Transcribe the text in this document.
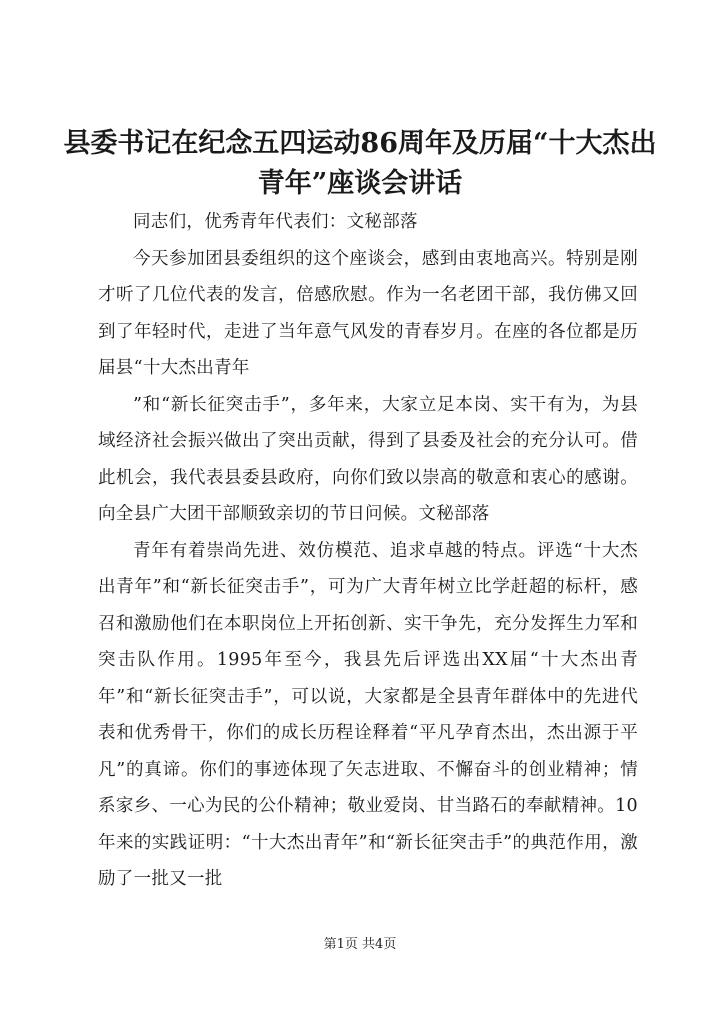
县委书记在纪念五四运动86周年及历届“十大杰出青年”座谈会讲话

同志们，优秀青年代表们：文秘部落

今天参加团县委组织的这个座谈会，感到由衷地高兴。特别是刚才听了几位代表的发言，倍感欣慰。作为一名老团干部，我仿佛又回到了年轻时代，走进了当年意气风发的青春岁月。在座的各位都是历届县“十大杰出青年

”和“新长征突击手”，多年来，大家立足本岗、实干有为，为县域经济社会振兴做出了突出贡献，得到了县委及社会的充分认可。借此机会，我代表县委县政府，向你们致以崇高的敬意和衷心的感谢。向全县广大团干部顺致亲切的节日问候。文秘部落

青年有着崇尚先进、效仿模范、追求卓越的特点。评选“十大杰出青年”和“新长征突击手”，可为广大青年树立比学赶超的标杆，感召和激励他们在本职岗位上开拓创新、实干争先，充分发挥生力军和突击队作用。1995年至今，我县先后评选出XX届“十大杰出青年”和“新长征突击手”，可以说，大家都是全县青年群体中的先进代表和优秀骨干，你们的成长历程诠释着“平凡孕育杰出，杰出源于平凡”的真谛。你们的事迹体现了矢志进取、不懈奋斗的创业精神；情系家乡、一心为民的公仆精神；敬业爱岗、甘当路石的奉献精神。10年来的实践证明：“十大杰出青年”和“新长征突击手”的典范作用，激励了一批又一批

第1页 共4页
